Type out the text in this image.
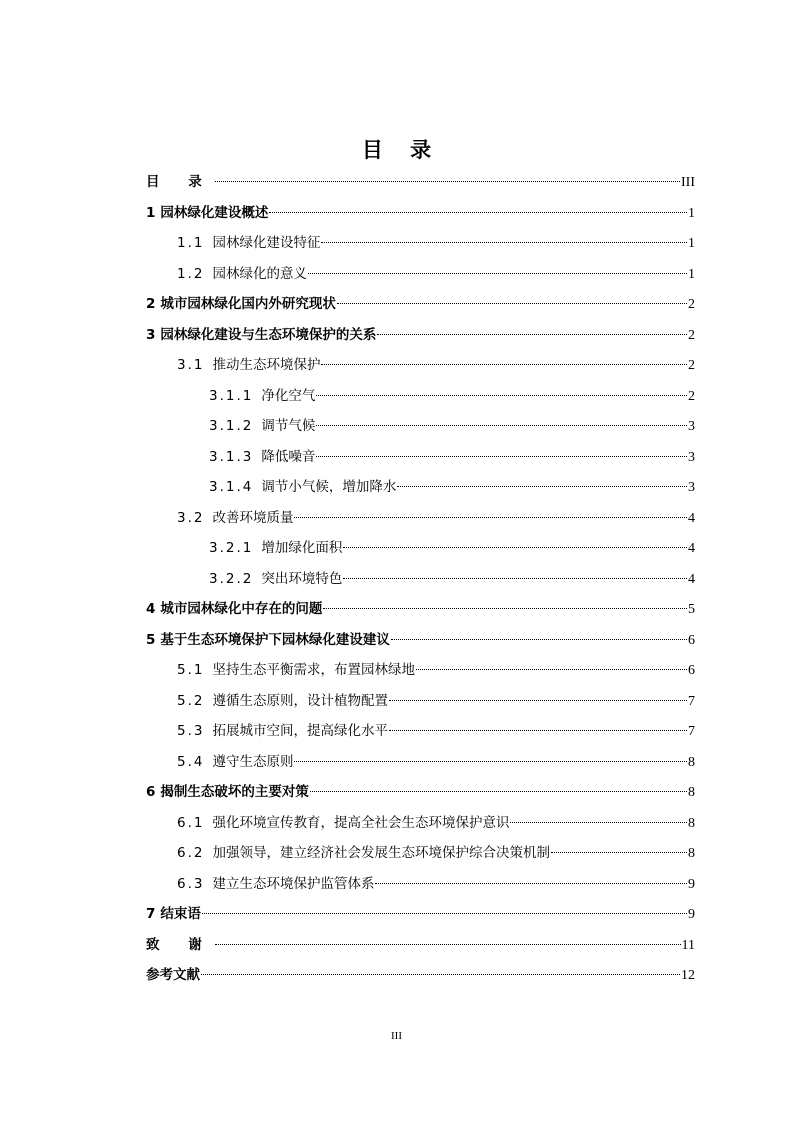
目 录
目 录	III
1 园林绿化建设概述	1
1.1 园林绿化建设特征	1
1.2 园林绿化的意义	1
2 城市园林绿化国内外研究现状	2
3 园林绿化建设与生态环境保护的关系	2
3.1 推动生态环境保护	2
3.1.1 净化空气	2
3.1.2 调节气候	3
3.1.3 降低噪音	3
3.1.4 调节小气候，增加降水	3
3.2 改善环境质量	4
3.2.1 增加绿化面积	4
3.2.2 突出环境特色	4
4 城市园林绿化中存在的问题	5
5 基于生态环境保护下园林绿化建设建议	6
5.1 坚持生态平衡需求，布置园林绿地	6
5.2 遵循生态原则，设计植物配置	7
5.3 拓展城市空间，提高绿化水平	7
5.4 遵守生态原则	8
6 揭制生态破坏的主要对策	8
6.1 强化环境宣传教育，提高全社会生态环境保护意识	8
6.2 加强领导，建立经济社会发展生态环境保护综合决策机制	8
6.3 建立生态环境保护监管体系	9
7 结束语	9
致 谢	11
参考文献	12
III
